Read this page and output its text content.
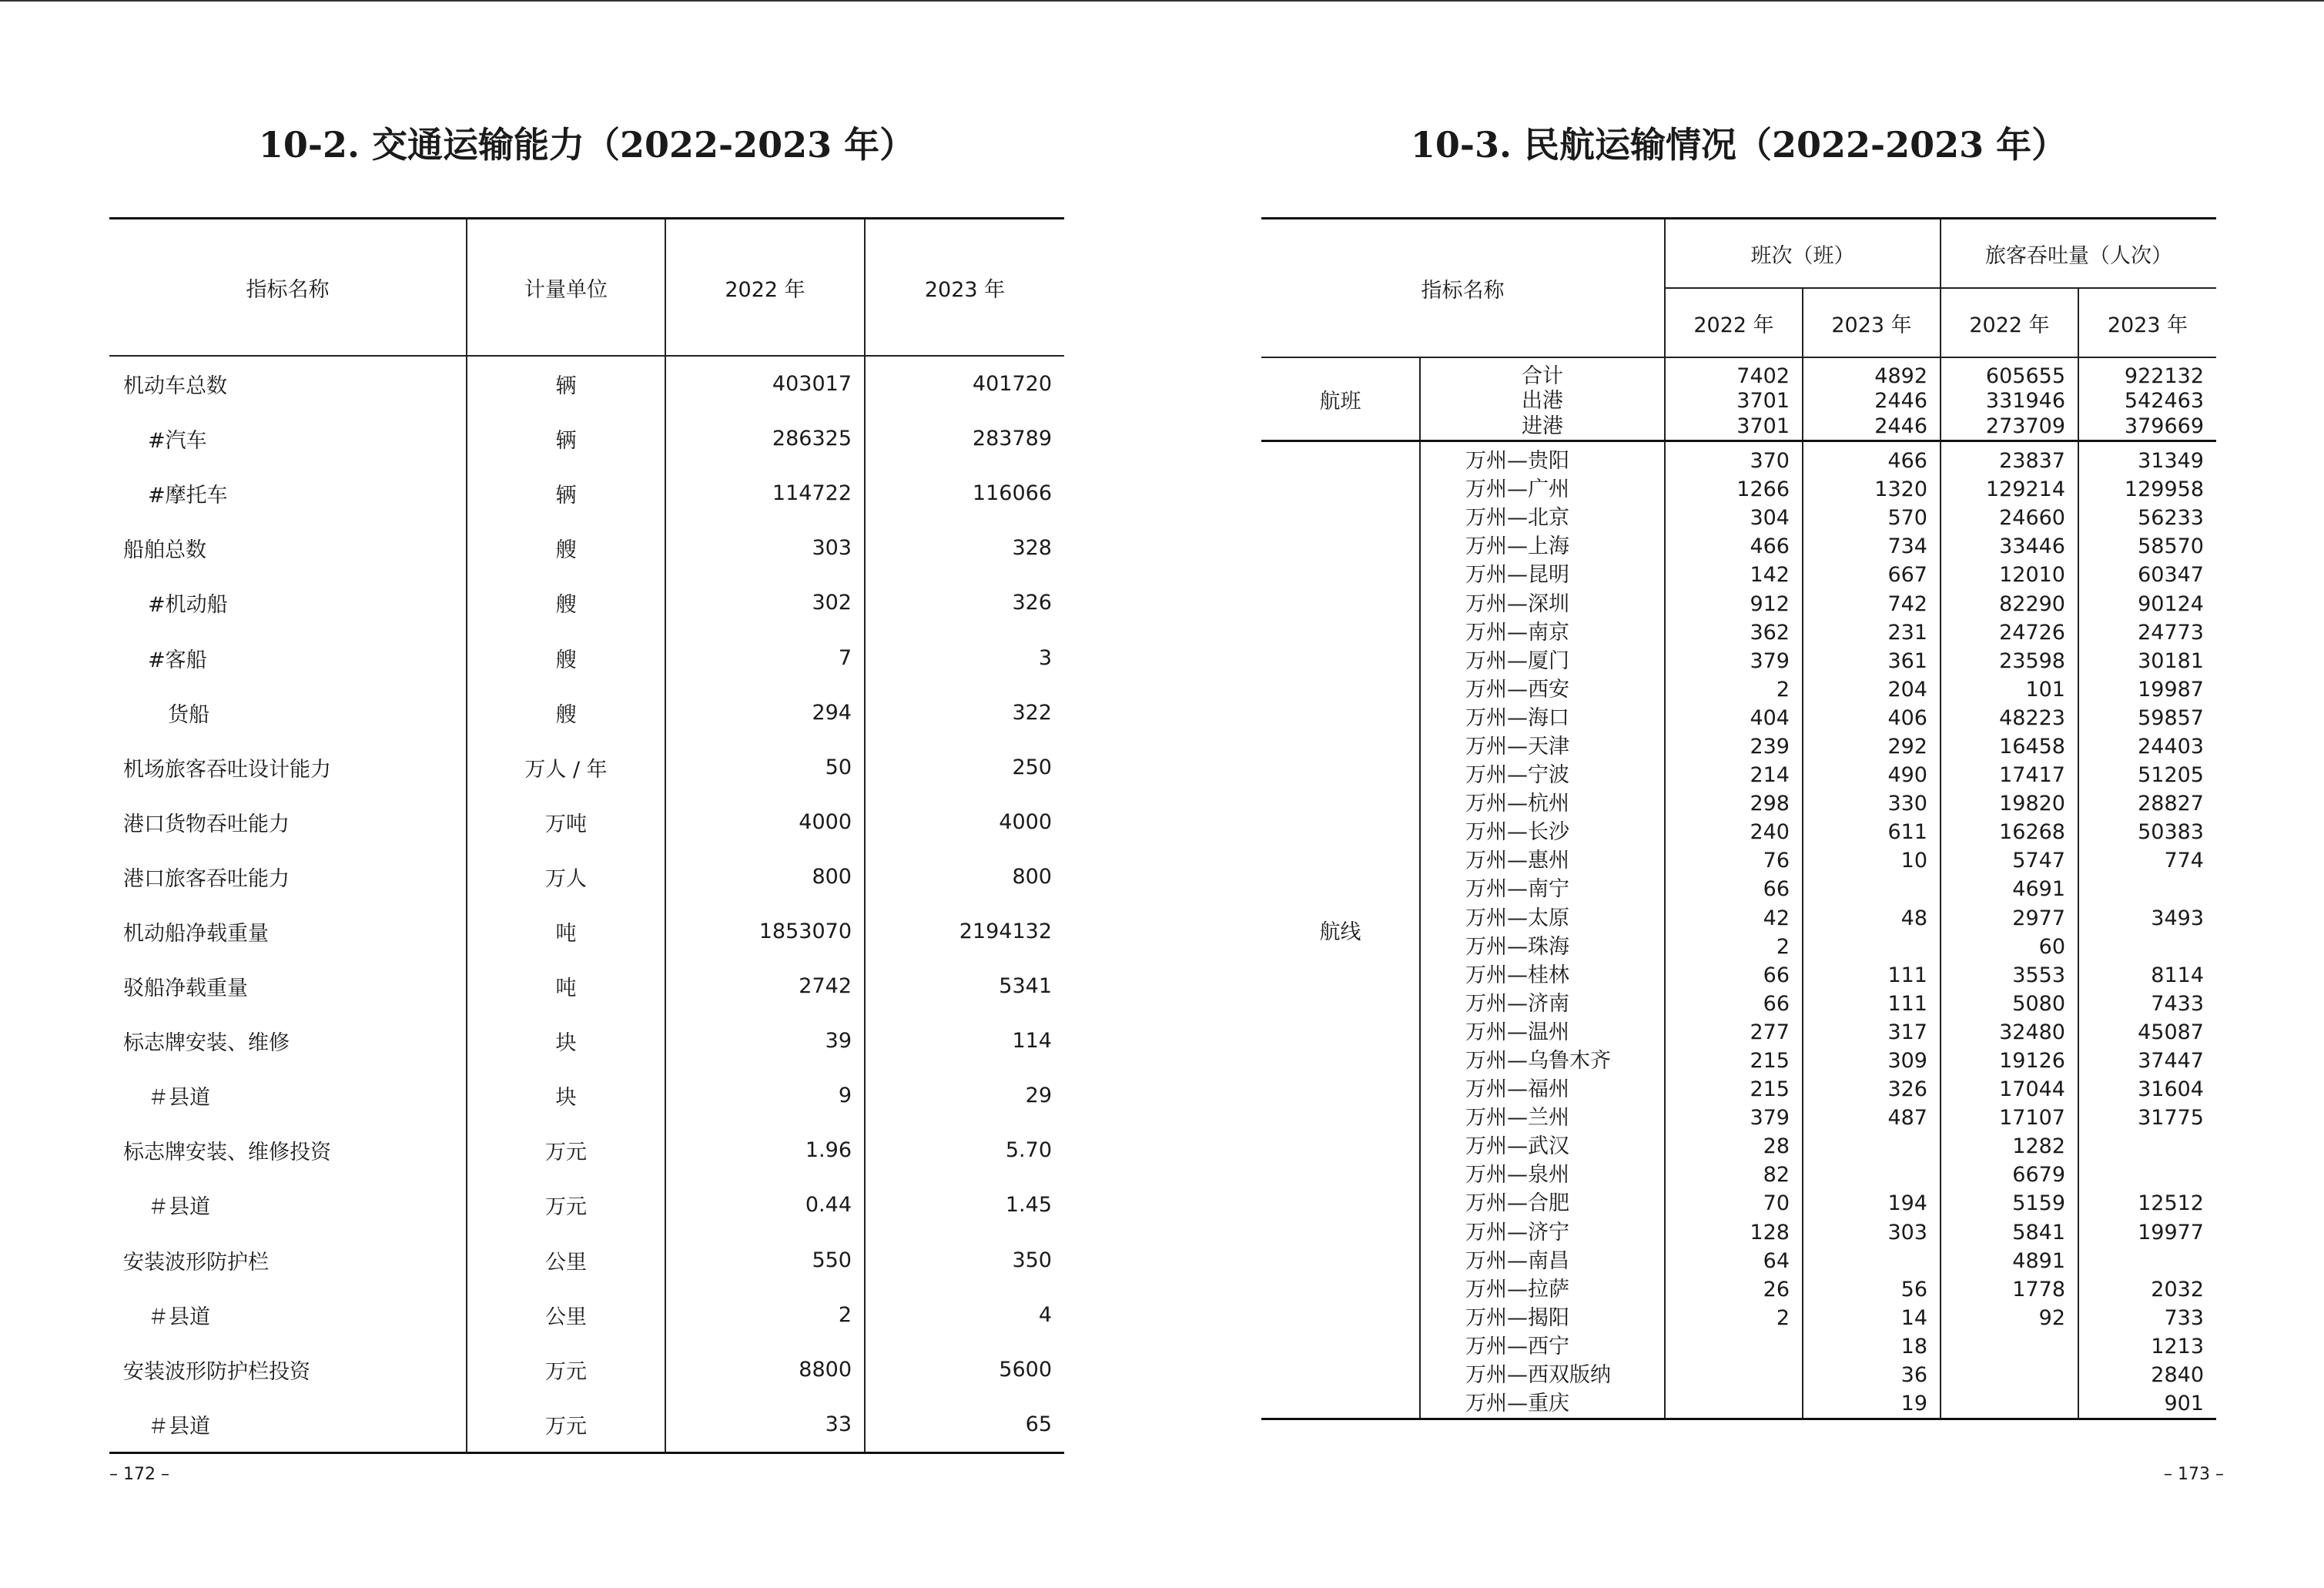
10-2. 交通运输能力（2022-2023 年）
指标名称	计量单位	2022 年	2023 年
机动车总数	辆	403017	401720
#汽车	辆	286325	283789
#摩托车	辆	114722	116066
船舶总数	艘	303	328
#机动船	艘	302	326
#客船	艘	7	3
货船	艘	294	322
机场旅客吞吐设计能力	万人 / 年	50	250
港口货物吞吐能力	万吨	4000	4000
港口旅客吞吐能力	万人	800	800
机动船净载重量	吨	1853070	2194132
驳船净载重量	吨	2742	5341
标志牌安装、维修	块	39	114
＃县道	块	9	29
标志牌安装、维修投资	万元	1.96	5.70
＃县道	万元	0.44	1.45
安装波形防护栏	公里	550	350
＃县道	公里	2	4
安装波形防护栏投资	万元	8800	5600
＃县道	万元	33	65
– 172 –
10-3. 民航运输情况（2022-2023 年）
指标名称		班次（班）		旅客吞吐量（人次）	
		2022 年	2023 年	2022 年	2023 年
航班	合计	7402	4892	605655	922132
	出港	3701	2446	331946	542463
	进港	3701	2446	273709	379669
航线	万州—贵阳	370	466	23837	31349
	万州—广州	1266	1320	129214	129958
	万州—北京	304	570	24660	56233
	万州—上海	466	734	33446	58570
	万州—昆明	142	667	12010	60347
	万州—深圳	912	742	82290	90124
	万州—南京	362	231	24726	24773
	万州—厦门	379	361	23598	30181
	万州—西安	2	204	101	19987
	万州—海口	404	406	48223	59857
	万州—天津	239	292	16458	24403
	万州—宁波	214	490	17417	51205
	万州—杭州	298	330	19820	28827
	万州—长沙	240	611	16268	50383
	万州—惠州	76	10	5747	774
	万州—南宁	66		4691	
	万州—太原	42	48	2977	3493
	万州—珠海	2		60	
	万州—桂林	66	111	3553	8114
	万州—济南	66	111	5080	7433
	万州—温州	277	317	32480	45087
	万州—乌鲁木齐	215	309	19126	37447
	万州—福州	215	326	17044	31604
	万州—兰州	379	487	17107	31775
	万州—武汉	28		1282	
	万州—泉州	82		6679	
	万州—合肥	70	194	5159	12512
	万州—济宁	128	303	5841	19977
	万州—南昌	64		4891	
	万州—拉萨	26	56	1778	2032
	万州—揭阳	2	14	92	733
	万州—西宁		18		1213
	万州—西双版纳		36		2840
	万州—重庆		19		901
– 173 –
